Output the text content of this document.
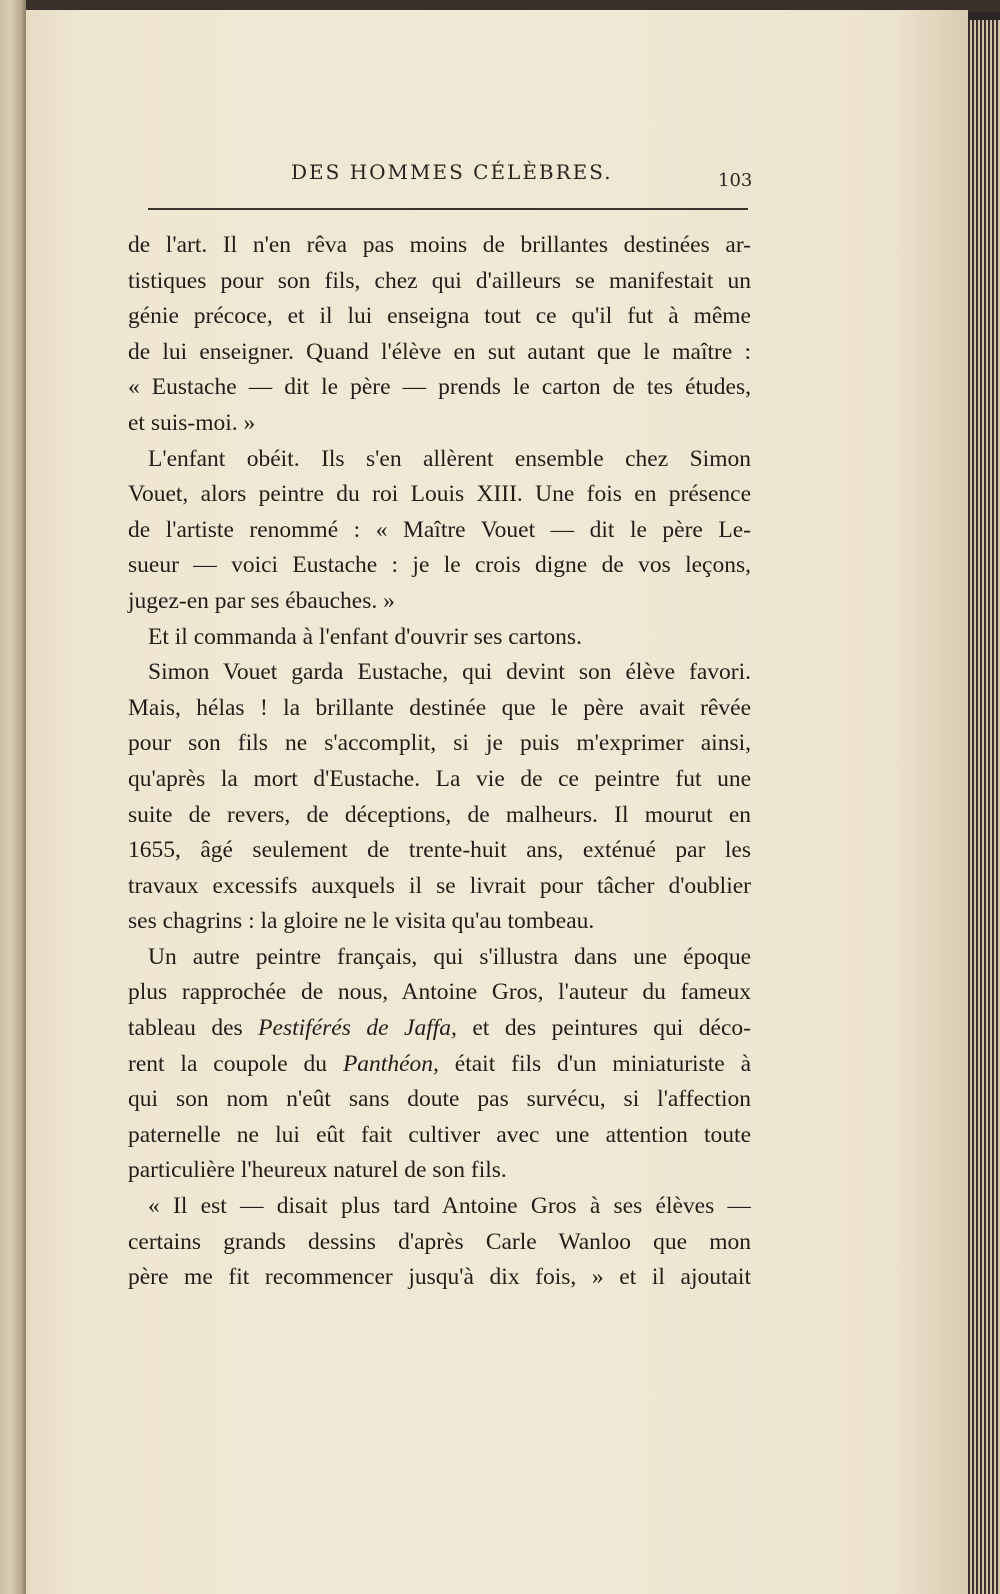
DES HOMMES CÉLÈBRES.	103
de l'art. Il n'en rêva pas moins de brillantes destinées ar-
tistiques pour son fils, chez qui d'ailleurs se manifestait un
génie précoce, et il lui enseigna tout ce qu'il fut à même
de lui enseigner. Quand l'élève en sut autant que le maître :
« Eustache — dit le père — prends le carton de tes études,
et suis-moi. »
L'enfant obéit. Ils s'en allèrent ensemble chez Simon
Vouet, alors peintre du roi Louis XIII. Une fois en présence
de l'artiste renommé : « Maître Vouet — dit le père Le-
sueur — voici Eustache : je le crois digne de vos leçons,
jugez-en par ses ébauches. »
Et il commanda à l'enfant d'ouvrir ses cartons.
Simon Vouet garda Eustache, qui devint son élève favori.
Mais, hélas ! la brillante destinée que le père avait rêvée
pour son fils ne s'accomplit, si je puis m'exprimer ainsi,
qu'après la mort d'Eustache. La vie de ce peintre fut une
suite de revers, de déceptions, de malheurs. Il mourut en
1655, âgé seulement de trente-huit ans, exténué par les
travaux excessifs auxquels il se livrait pour tâcher d'oublier
ses chagrins : la gloire ne le visita qu'au tombeau.
Un autre peintre français, qui s'illustra dans une époque
plus rapprochée de nous, Antoine Gros, l'auteur du fameux
tableau des Pestiférés de Jaffa, et des peintures qui déco-
rent la coupole du Panthéon, était fils d'un miniaturiste à
qui son nom n'eût sans doute pas survécu, si l'affection
paternelle ne lui eût fait cultiver avec une attention toute
particulière l'heureux naturel de son fils.
« Il est — disait plus tard Antoine Gros à ses élèves —
certains grands dessins d'après Carle Wanloo que mon
père me fit recommencer jusqu'à dix fois, » et il ajoutait
